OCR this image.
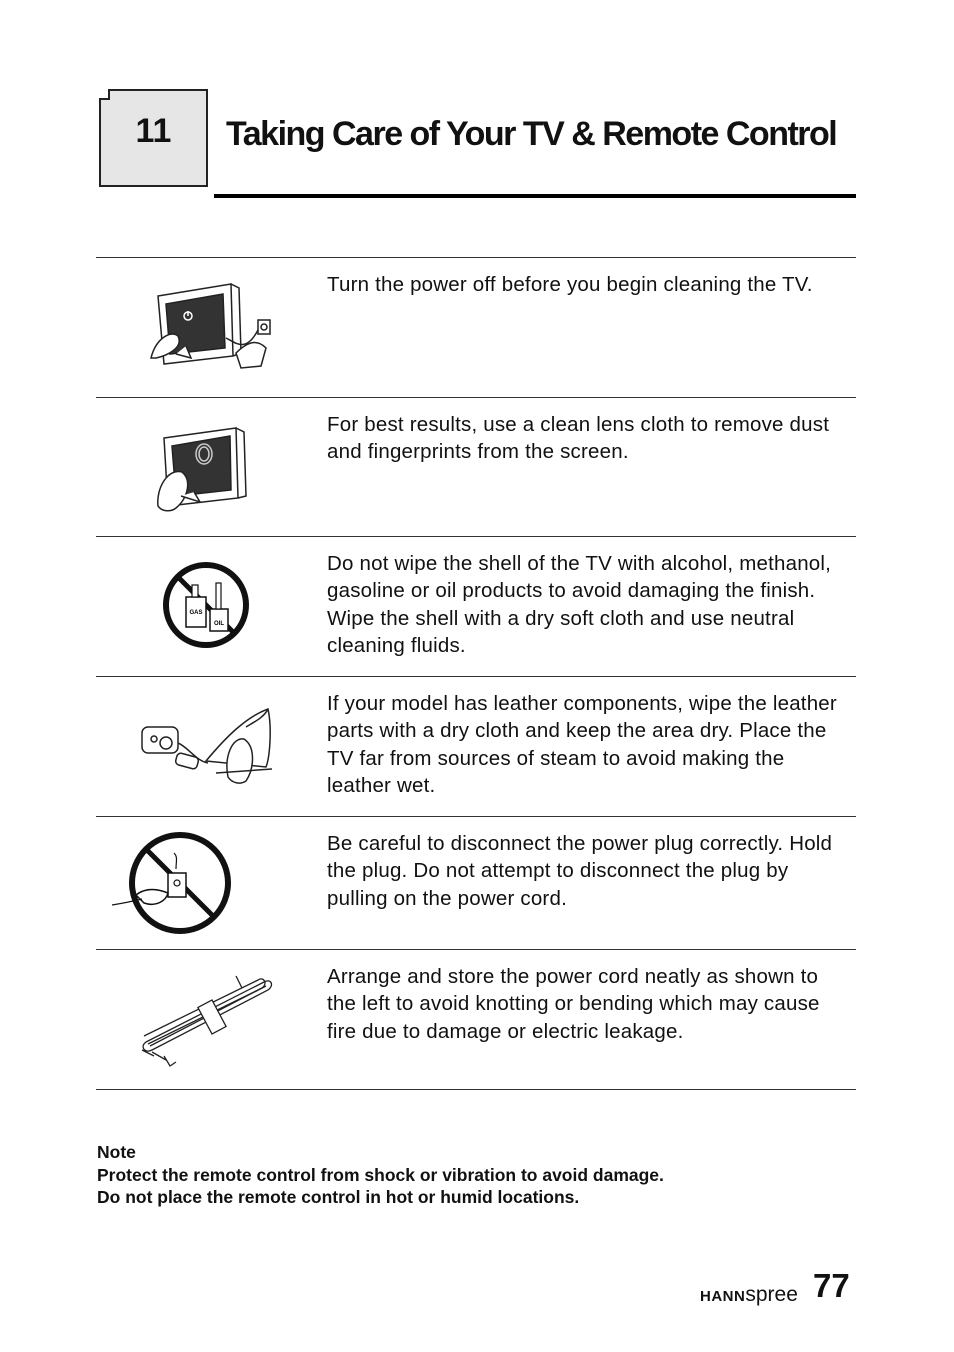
11	Taking Care of Your TV & Remote Control
Turn the power off before you begin cleaning the TV.
For best results, use a clean lens cloth to remove dust and fingerprints from the screen.
GAS
OIL
Do not wipe the shell of the TV with alcohol, methanol, gasoline or oil products to avoid damaging the finish. Wipe the shell with a dry soft cloth and use neutral cleaning fluids.
If your model has leather components, wipe the leather parts with a dry cloth and keep the area dry. Place the TV far from sources of steam to avoid making the leather wet.
Be careful to disconnect the power plug correctly. Hold the plug. Do not attempt to disconnect the plug by pulling on the power cord.
Arrange and store the power cord neatly as shown to the left to avoid knotting or bending which may cause fire due to damage or electric leakage.
Note
Protect the remote control from shock or vibration to avoid damage.
Do not place the remote control in hot or humid locations.
HANNspree 77
